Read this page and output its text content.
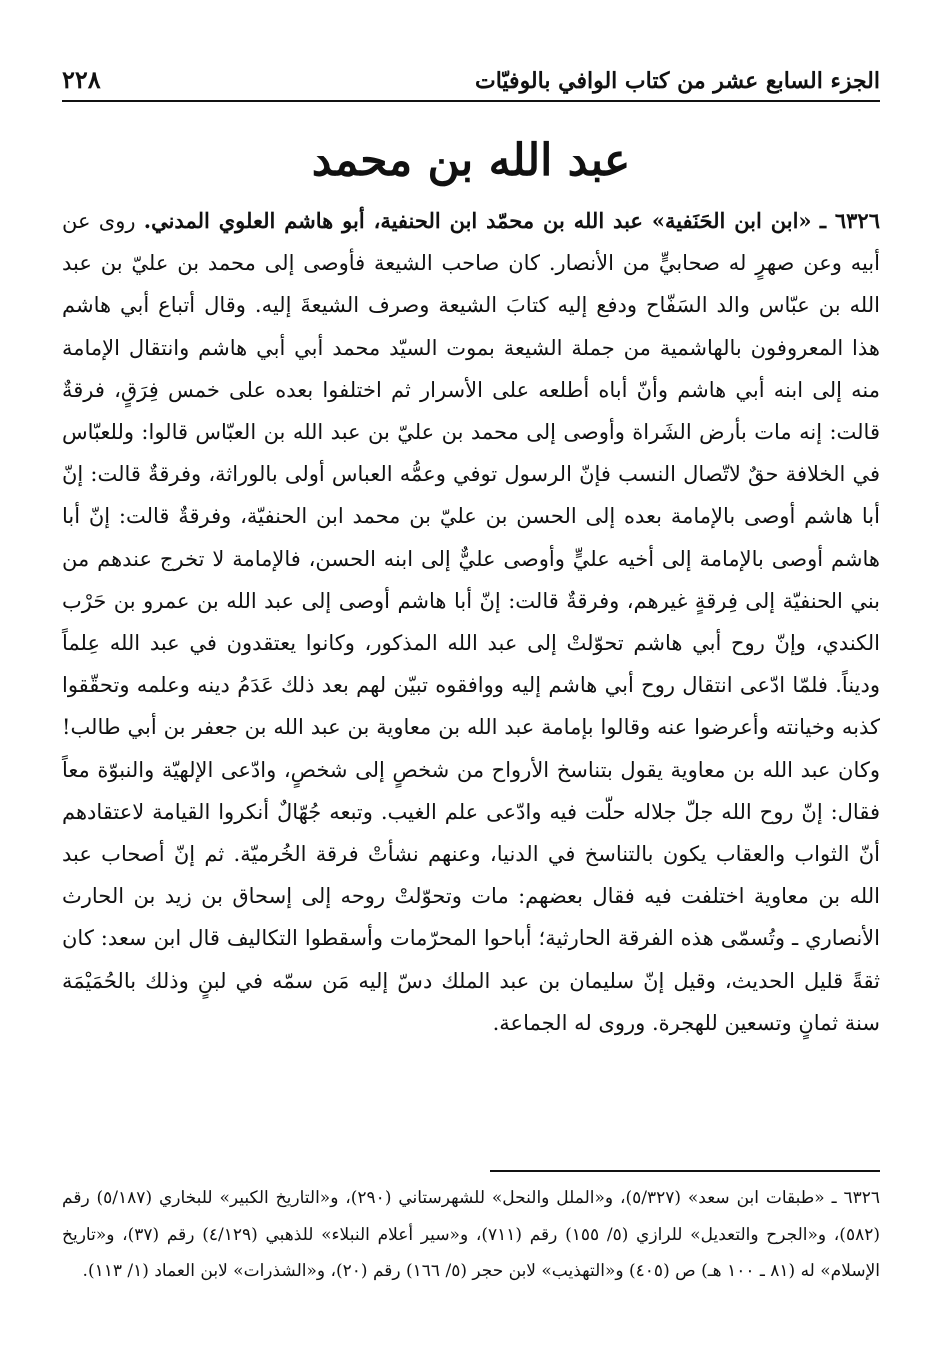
الجزء السابع عشر من كتاب الوافي بالوفيّات
٢٢٨
عبد الله بن محمد

٦٣٢٦ ـ «ابن ابن الحَنَفية» عبد الله بن محمّد ابن الحنفية، أبو هاشم العلوي المدني. روى عن أبيه وعن صهرٍ له صحابيٍّ من الأنصار. كان صاحب الشيعة فأوصى إلى محمد بن عليّ بن عبد الله بن عبّاس والد السَفّاح ودفع إليه كتابَ الشيعة وصرف الشيعةَ إليه. وقال أتباع أبي هاشم هذا المعروفون بالهاشمية من جملة الشيعة بموت السيّد محمد أبي أبي هاشم وانتقال الإمامة منه إلى ابنه أبي هاشم وأنّ أباه أطلعه على الأسرار ثم اختلفوا بعده على خمس فِرَقٍ، فرقةٌ قالت: إنه مات بأرض الشَراة وأوصى إلى محمد بن عليّ بن عبد الله بن العبّاس قالوا: وللعبّاس في الخلافة حقٌ لاتّصال النسب فإنّ الرسول توفي وعمُّه العباس أولى بالوراثة، وفرقةٌ قالت: إنّ أبا هاشم أوصى بالإمامة بعده إلى الحسن بن عليّ بن محمد ابن الحنفيّة، وفرقةٌ قالت: إنّ أبا هاشم أوصى بالإمامة إلى أخيه عليٍّ وأوصى عليٌّ إلى ابنه الحسن، فالإمامة لا تخرج عندهم من بني الحنفيّة إلى فِرقةٍ غيرهم، وفرقةٌ قالت: إنّ أبا هاشم أوصى إلى عبد الله بن عمرو بن حَرْب الكندي، وإنّ روح أبي هاشم تحوّلتْ إلى عبد الله المذكور، وكانوا يعتقدون في عبد الله عِلماً وديناً. فلمّا ادّعى انتقال روح أبي هاشم إليه ووافقوه تبيّن لهم بعد ذلك عَدَمُ دينه وعلمه وتحقّقوا كذبه وخيانته وأعرضوا عنه وقالوا بإمامة عبد الله بن معاوية بن عبد الله بن جعفر بن أبي طالب! وكان عبد الله بن معاوية يقول بتناسخ الأرواح من شخصٍ إلى شخصٍ، وادّعى الإلهيّة والنبوّة معاً فقال: إنّ روح الله جلّ جلاله حلّت فيه وادّعى علم الغيب. وتبعه جُهّالٌ أنكروا القيامة لاعتقادهم أنّ الثواب والعقاب يكون بالتناسخ في الدنيا، وعنهم نشأتْ فرقة الخُرميّة. ثم إنّ أصحاب عبد الله بن معاوية اختلفت فيه فقال بعضهم: مات وتحوّلتْ روحه إلى إسحاق بن زيد بن الحارث الأنصاري ـ وتُسمّى هذه الفرقة الحارثية؛ أباحوا المحرّمات وأسقطوا التكاليف قال ابن سعد: كان ثقةً قليل الحديث، وقيل إنّ سليمان بن عبد الملك دسّ إليه مَن سمّه في لبنٍ وذلك بالحُمَيْمَة سنة ثمانٍ وتسعين للهجرة. وروى له الجماعة.

٦٣٢٦ ـ «طبقات ابن سعد» (٥/٣٢٧)، و«الملل والنحل» للشهرستاني (٢٩٠)، و«التاريخ الكبير» للبخاري (٥/١٨٧) رقم (٥٨٢)، و«الجرح والتعديل» للرازي (٥/ ١٥٥) رقم (٧١١)، و«سير أعلام النبلاء» للذهبي (٤/١٢٩) رقم (٣٧)، و«تاريخ الإسلام» له (٨١ ـ ١٠٠ هـ) ص (٤٠٥) و«التهذيب» لابن حجر (٥/ ١٦٦) رقم (٢٠)، و«الشذرات» لابن العماد (١/ ١١٣).
